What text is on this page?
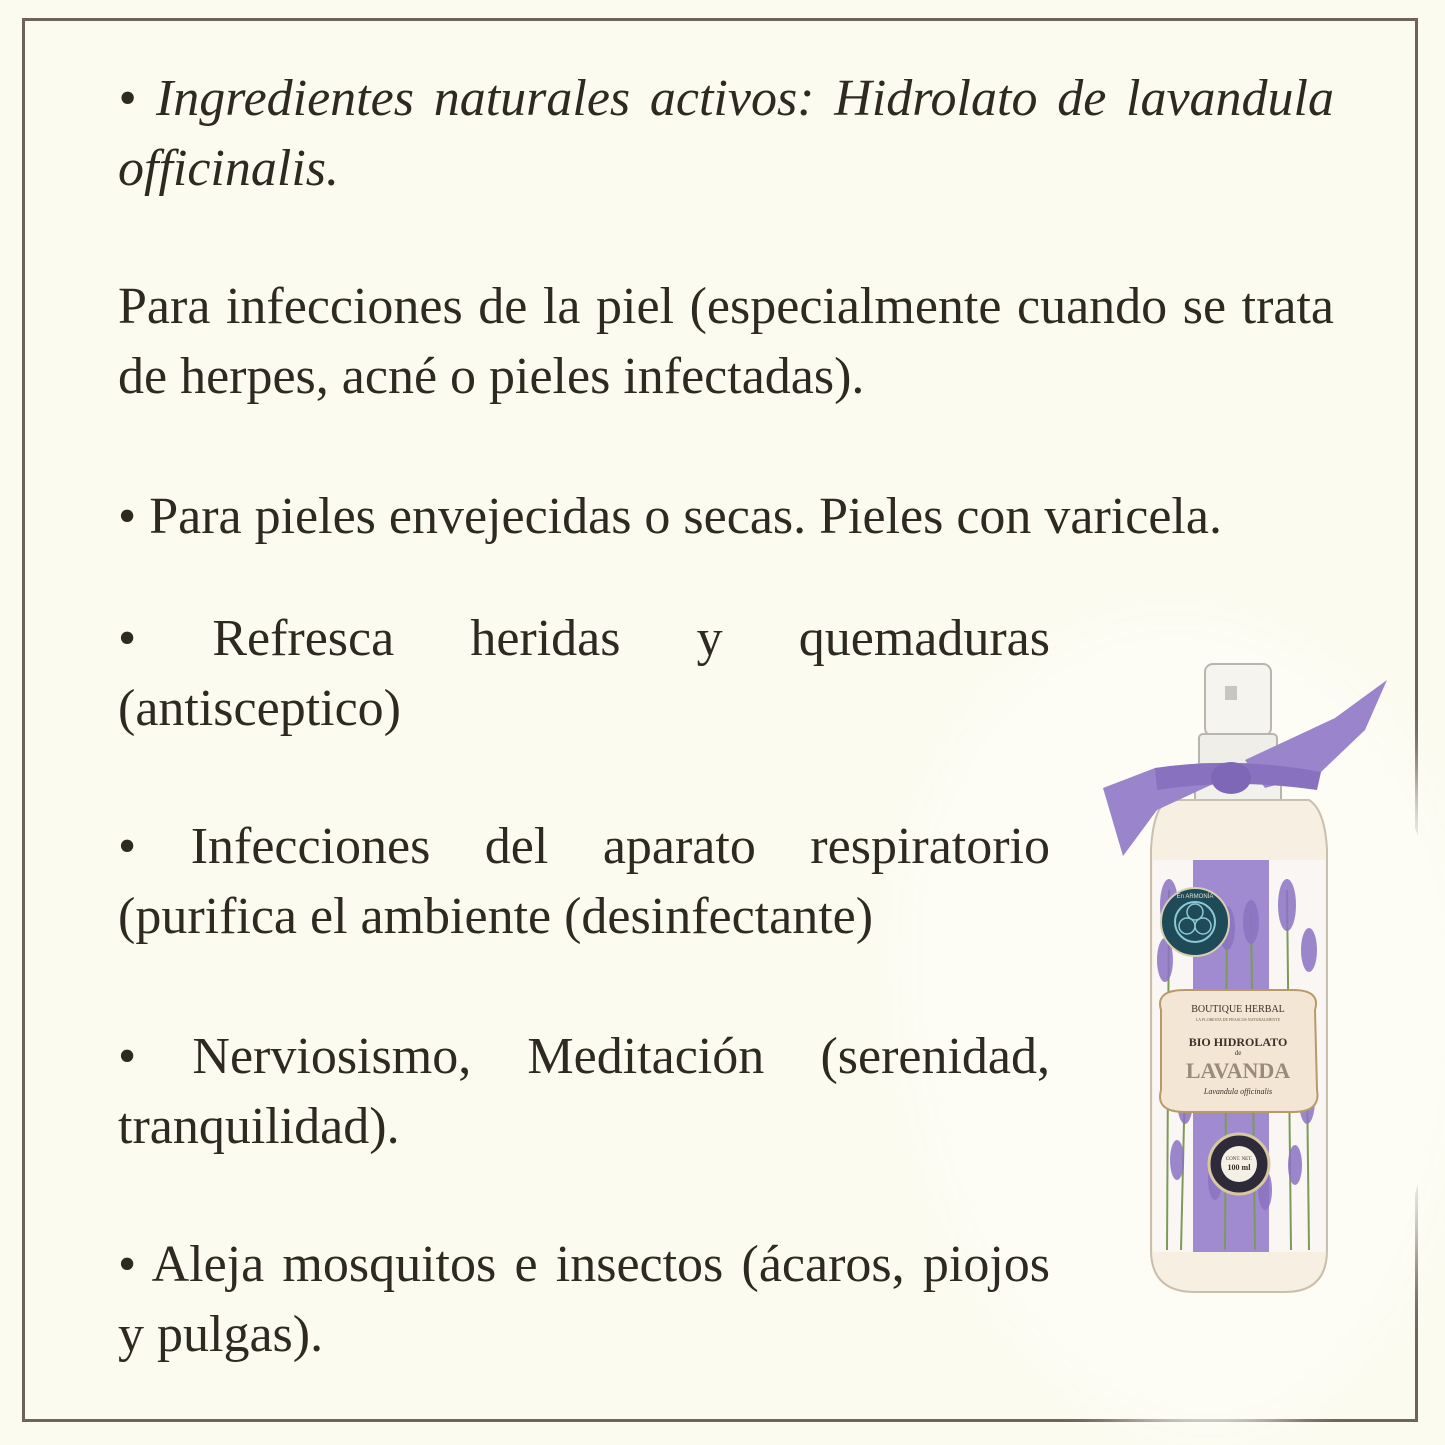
• Ingredientes naturales activos: Hidrolato de lavandula officinalis.

Para infecciones de la piel (especialmente cuando se trata de herpes, acné o pieles infectadas).

• Para pieles envejecidas o secas. Pieles con varicela.

• Refresca heridas y quemaduras (antisceptico)

• Infecciones del aparato respiratorio (purifica el ambiente (desinfectante)

• Nerviosismo, Meditación (serenidad, tranquilidad).

• Aleja mosquitos e insectos (ácaros, piojos y pulgas).

En ARMONÍA
BOUTIQUE HERBAL
LA FLORESTA DE FRASCOS NATURALMENTE
BIO HIDROLATO
de
LAVANDA
Lavandula officinalis
CONT. NET.
100 ml
